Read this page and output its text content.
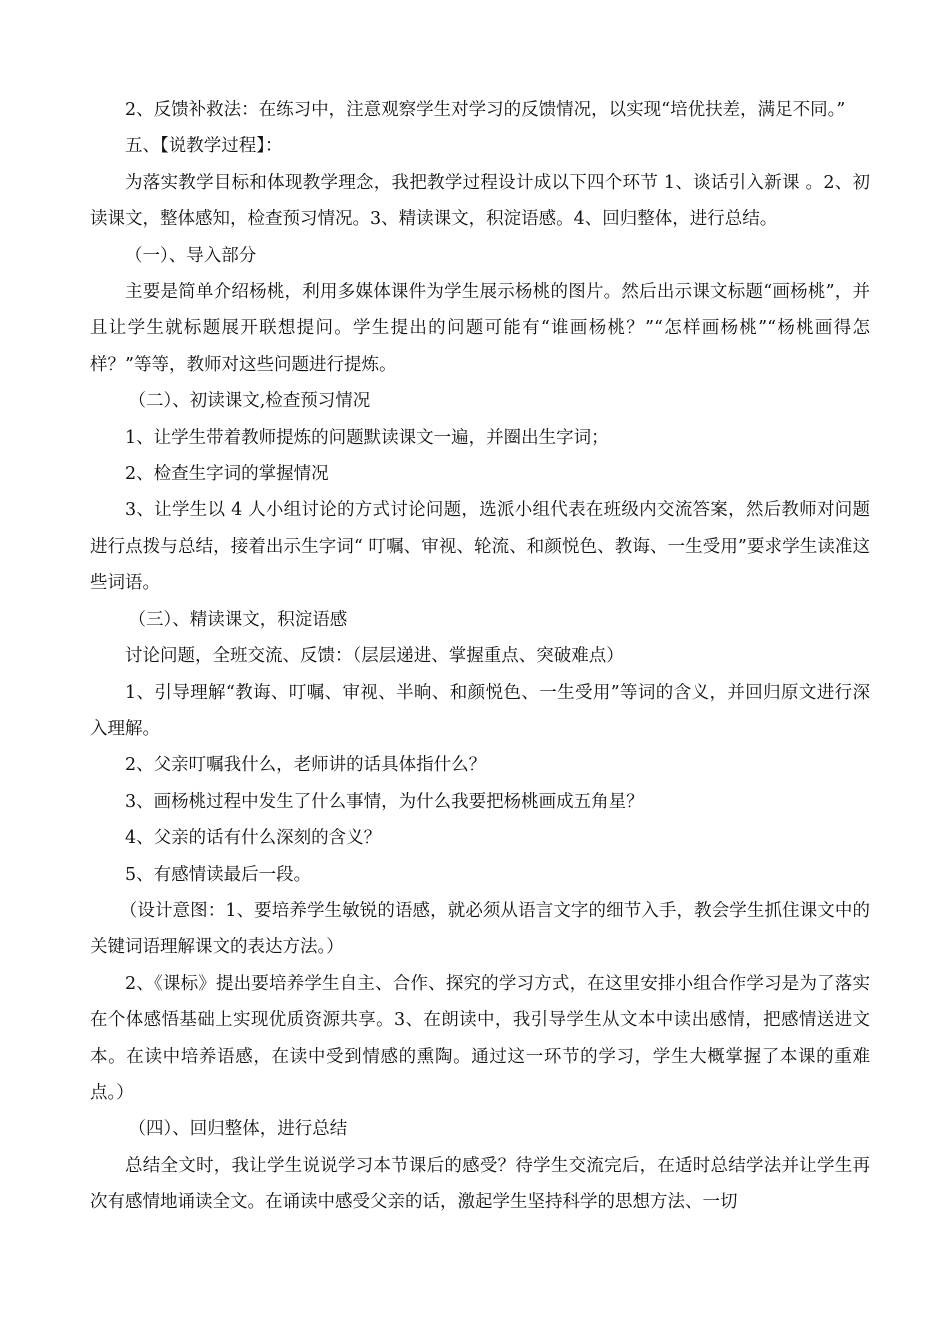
2、反馈补救法：在练习中，注意观察学生对学习的反馈情况，以实现“培优扶差，满足不同。”

五、【说教学过程】：

为落实教学目标和体现教学理念，我把教学过程设计成以下四个环节 1、谈话引入新课 。2、初读课文，整体感知，检查预习情况。3、精读课文，积淀语感。4、回归整体，进行总结。

（一）、导入部分

主要是简单介绍杨桃，利用多媒体课件为学生展示杨桃的图片。然后出示课文标题“画杨桃”，并且让学生就标题展开联想提问。学生提出的问题可能有“谁画杨桃？”“怎样画杨桃”“杨桃画得怎样？”等等，教师对这些问题进行提炼。

（二）、初读课文,检查预习情况

1、让学生带着教师提炼的问题默读课文一遍，并圈出生字词；

2、检查生字词的掌握情况

3、让学生以 4 人小组讨论的方式讨论问题，选派小组代表在班级内交流答案，然后教师对问题进行点拨与总结，接着出示生字词“ 叮嘱、审视、轮流、和颜悦色、教诲、一生受用”要求学生读准这些词语。

（三）、精读课文，积淀语感

讨论问题，全班交流、反馈：（层层递进、掌握重点、突破难点）

1、引导理解“教诲、叮嘱、审视、半晌、和颜悦色、一生受用”等词的含义，并回归原文进行深入理解。

2、父亲叮嘱我什么，老师讲的话具体指什么？

3、画杨桃过程中发生了什么事情，为什么我要把杨桃画成五角星？

4、父亲的话有什么深刻的含义？

5、有感情读最后一段。

（设计意图：1、要培养学生敏锐的语感，就必须从语言文字的细节入手，教会学生抓住课文中的关键词语理解课文的表达方法。）

2、《课标》提出要培养学生自主、合作、探究的学习方式，在这里安排小组合作学习是为了落实在个体感悟基础上实现优质资源共享。3、在朗读中，我引导学生从文本中读出感情，把感情送进文本。在读中培养语感，在读中受到情感的熏陶。通过这一环节的学习，学生大概掌握了本课的重难点。）

（四）、回归整体，进行总结

总结全文时，我让学生说说学习本节课后的感受？待学生交流完后，在适时总结学法并让学生再次有感情地诵读全文。在诵读中感受父亲的话，激起学生坚持科学的思想方法、一切
